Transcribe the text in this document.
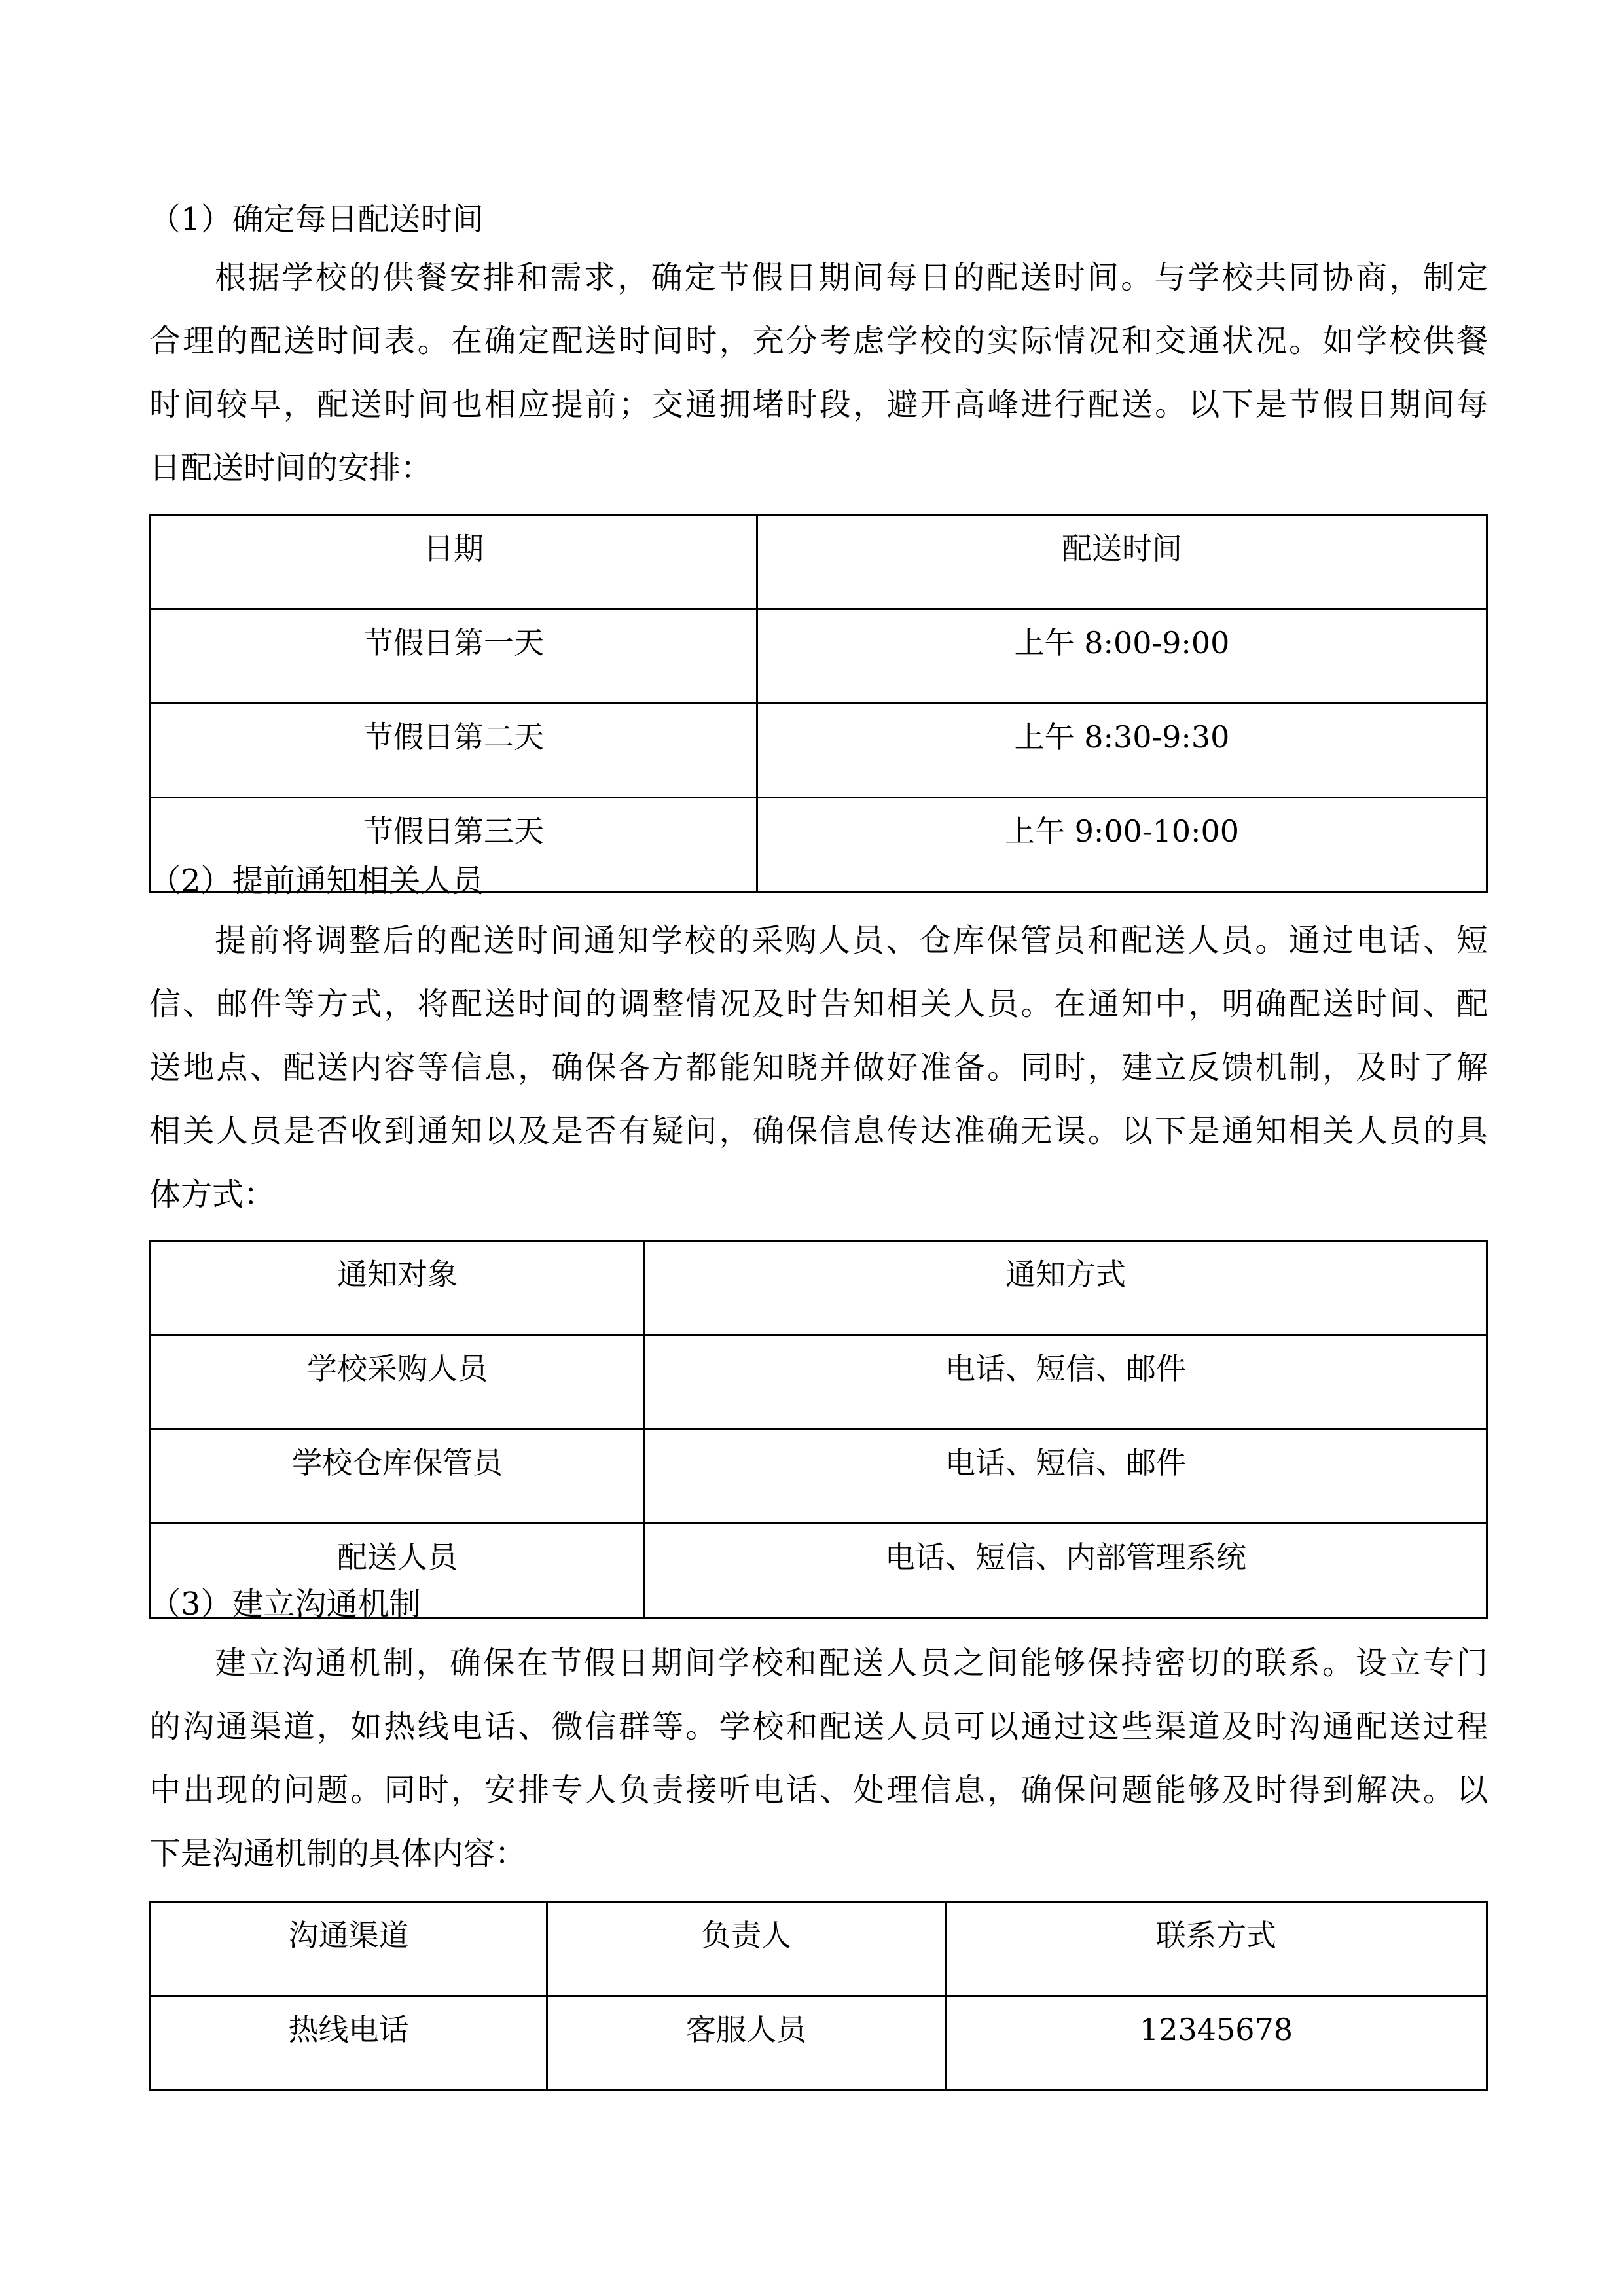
（1）确定每日配送时间
根据学校的供餐安排和需求，确定节假日期间每日的配送时间。与学校共同协商，制定
合理的配送时间表。在确定配送时间时，充分考虑学校的实际情况和交通状况。如学校供餐
时间较早，配送时间也相应提前；交通拥堵时段，避开高峰进行配送。以下是节假日期间每
日配送时间的安排：
日期	配送时间
节假日第一天	上午 8:00-9:00
节假日第二天	上午 8:30-9:30
节假日第三天	上午 9:00-10:00
（2）提前通知相关人员
提前将调整后的配送时间通知学校的采购人员、仓库保管员和配送人员。通过电话、短
信、邮件等方式，将配送时间的调整情况及时告知相关人员。在通知中，明确配送时间、配
送地点、配送内容等信息，确保各方都能知晓并做好准备。同时，建立反馈机制，及时了解
相关人员是否收到通知以及是否有疑问，确保信息传达准确无误。以下是通知相关人员的具
体方式：
通知对象	通知方式
学校采购人员	电话、短信、邮件
学校仓库保管员	电话、短信、邮件
配送人员	电话、短信、内部管理系统
（3）建立沟通机制
建立沟通机制，确保在节假日期间学校和配送人员之间能够保持密切的联系。设立专门
的沟通渠道，如热线电话、微信群等。学校和配送人员可以通过这些渠道及时沟通配送过程
中出现的问题。同时，安排专人负责接听电话、处理信息，确保问题能够及时得到解决。以
下是沟通机制的具体内容：
沟通渠道	负责人	联系方式
热线电话	客服人员	12345678
